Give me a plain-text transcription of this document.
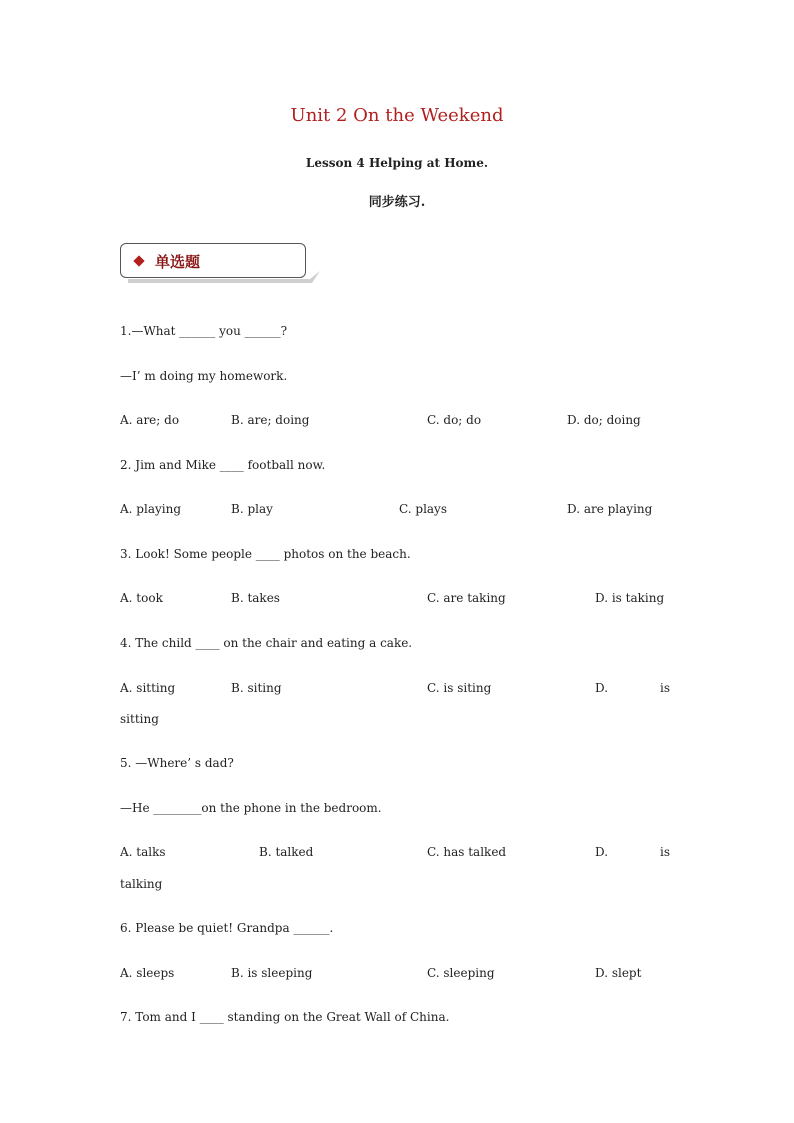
Unit 2 On the Weekend
Lesson 4 Helping at Home.
同步练习.
单选题
1.—What ______ you ______?
—I’ m doing my homework.
A. are; do	B. are; doing	C. do; do	D. do; doing
2. Jim and Mike ____ football now.
A. playing	B. play	C. plays	D. are playing
3. Look! Some people ____ photos on the beach.
A. took	B. takes	C. are taking	D. is taking
4. The child ____ on the chair and eating a cake.
A. sitting	B. siting	C. is siting	D.	is
sitting
5. —Where’ s dad?
—He ________on the phone in the bedroom.
A. talks	B. talked	C. has talked	D.	is
talking
6. Please be quiet! Grandpa ______.
A. sleeps	B. is sleeping	C. sleeping	D. slept
7. Tom and I ____ standing on the Great Wall of China.
